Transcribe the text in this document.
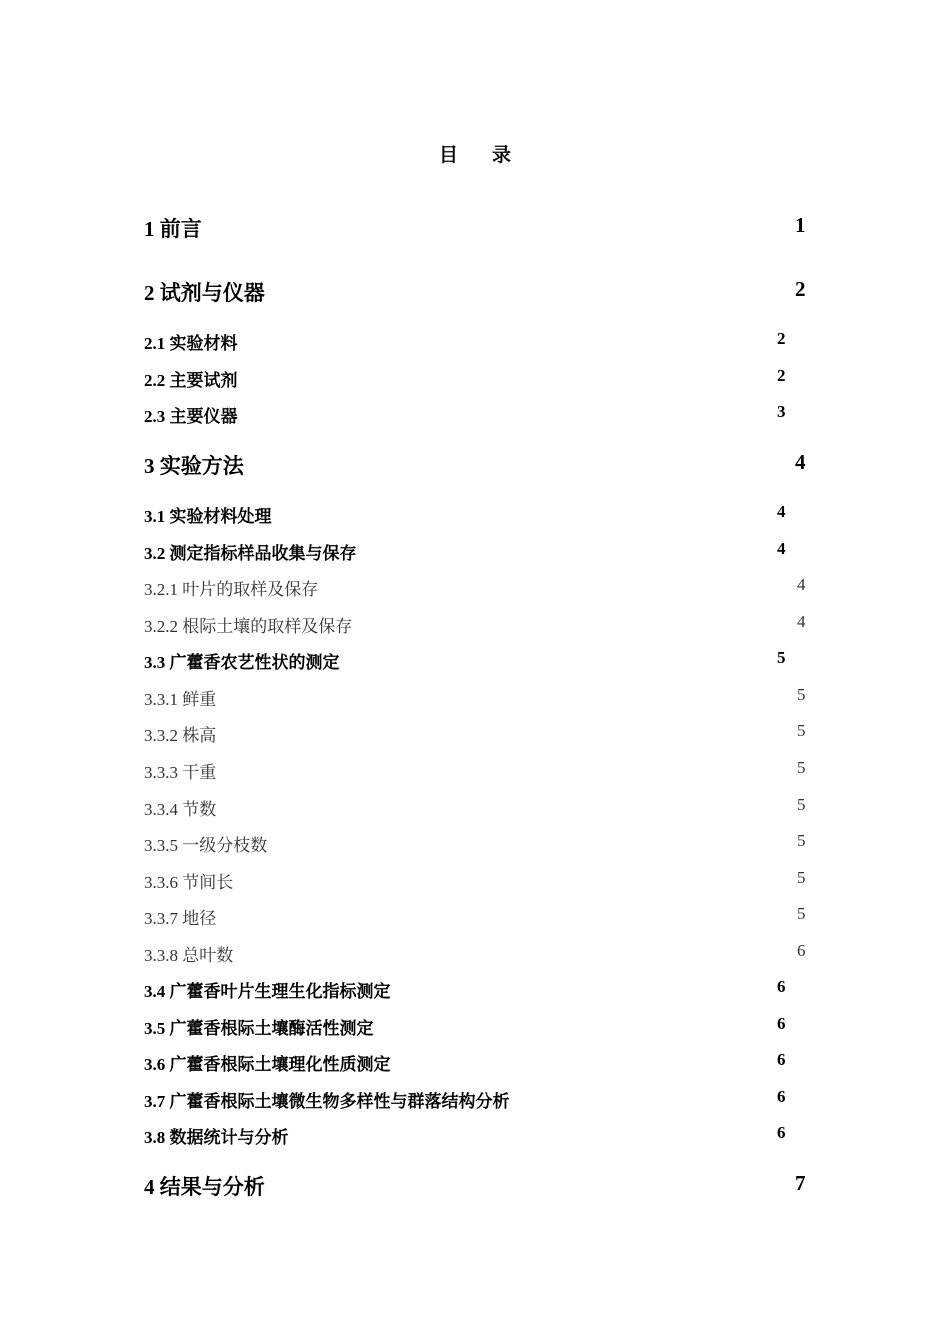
目 录
1 前言	1
2 试剂与仪器	2
2.1 实验材料	2
2.2 主要试剂	2
2.3 主要仪器	3
3 实验方法	4
3.1 实验材料处理	4
3.2 测定指标样品收集与保存	4
3.2.1 叶片的取样及保存	4
3.2.2 根际土壤的取样及保存	4
3.3 广藿香农艺性状的测定	5
3.3.1 鲜重	5
3.3.2 株高	5
3.3.3 干重	5
3.3.4 节数	5
3.3.5 一级分枝数	5
3.3.6 节间长	5
3.3.7 地径	5
3.3.8 总叶数	6
3.4 广藿香叶片生理生化指标测定	6
3.5 广藿香根际土壤酶活性测定	6
3.6 广藿香根际土壤理化性质测定	6
3.7 广藿香根际土壤微生物多样性与群落结构分析	6
3.8 数据统计与分析	6
4 结果与分析	7
